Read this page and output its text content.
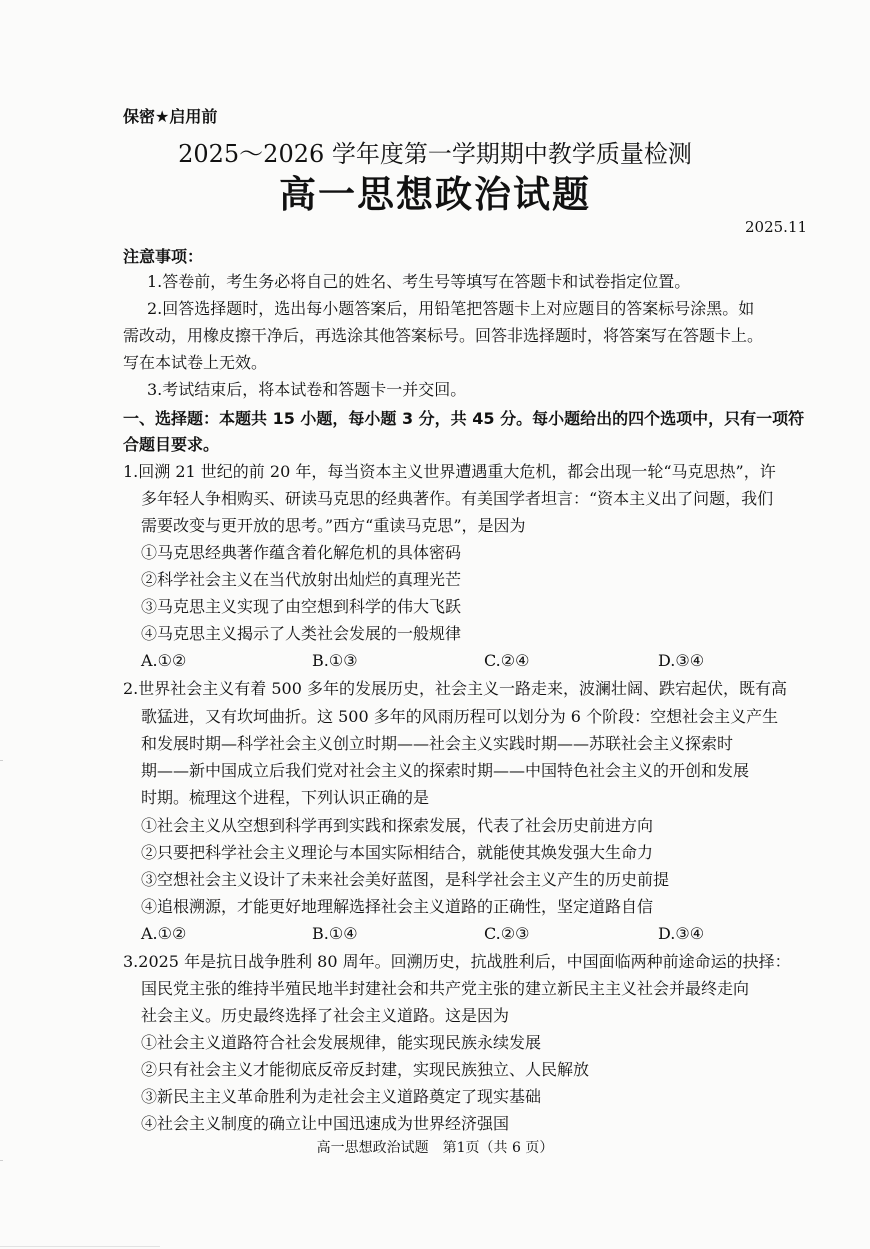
保密★启用前
2025～2026 学年度第一学期期中教学质量检测
高一思想政治试题
2025.11
注意事项：
1.答卷前，考生务必将自己的姓名、考生号等填写在答题卡和试卷指定位置。
2.回答选择题时，选出每小题答案后，用铅笔把答题卡上对应题目的答案标号涂黑。如
需改动，用橡皮擦干净后，再选涂其他答案标号。回答非选择题时，将答案写在答题卡上。
写在本试卷上无效。
3.考试结束后，将本试卷和答题卡一并交回。
一、选择题：本题共 15 小题，每小题 3 分，共 45 分。每小题给出的四个选项中，只有一项符
合题目要求。
1.回溯 21 世纪的前 20 年，每当资本主义世界遭遇重大危机，都会出现一轮“马克思热”，许
多年轻人争相购买、研读马克思的经典著作。有美国学者坦言：“资本主义出了问题，我们
需要改变与更开放的思考。”西方“重读马克思”，是因为
①马克思经典著作蕴含着化解危机的具体密码
②科学社会主义在当代放射出灿烂的真理光芒
③马克思主义实现了由空想到科学的伟大飞跃
④马克思主义揭示了人类社会发展的一般规律
A.①②	B.①③	C.②④	D.③④
2.世界社会主义有着 500 多年的发展历史，社会主义一路走来，波澜壮阔、跌宕起伏，既有高
歌猛进，又有坎坷曲折。这 500 多年的风雨历程可以划分为 6 个阶段：空想社会主义产生
和发展时期—科学社会主义创立时期——社会主义实践时期——苏联社会主义探索时
期——新中国成立后我们党对社会主义的探索时期——中国特色社会主义的开创和发展
时期。梳理这个进程，下列认识正确的是
①社会主义从空想到科学再到实践和探索发展，代表了社会历史前进方向
②只要把科学社会主义理论与本国实际相结合，就能使其焕发强大生命力
③空想社会主义设计了未来社会美好蓝图，是科学社会主义产生的历史前提
④追根溯源，才能更好地理解选择社会主义道路的正确性，坚定道路自信
A.①②	B.①④	C.②③	D.③④
3.2025 年是抗日战争胜利 80 周年。回溯历史，抗战胜利后，中国面临两种前途命运的抉择：
国民党主张的维持半殖民地半封建社会和共产党主张的建立新民主主义社会并最终走向
社会主义。历史最终选择了社会主义道路。这是因为
①社会主义道路符合社会发展规律，能实现民族永续发展
②只有社会主义才能彻底反帝反封建，实现民族独立、人民解放
③新民主主义革命胜利为走社会主义道路奠定了现实基础
④社会主义制度的确立让中国迅速成为世界经济强国
高一思想政治试题　第1页（共 6 页）
